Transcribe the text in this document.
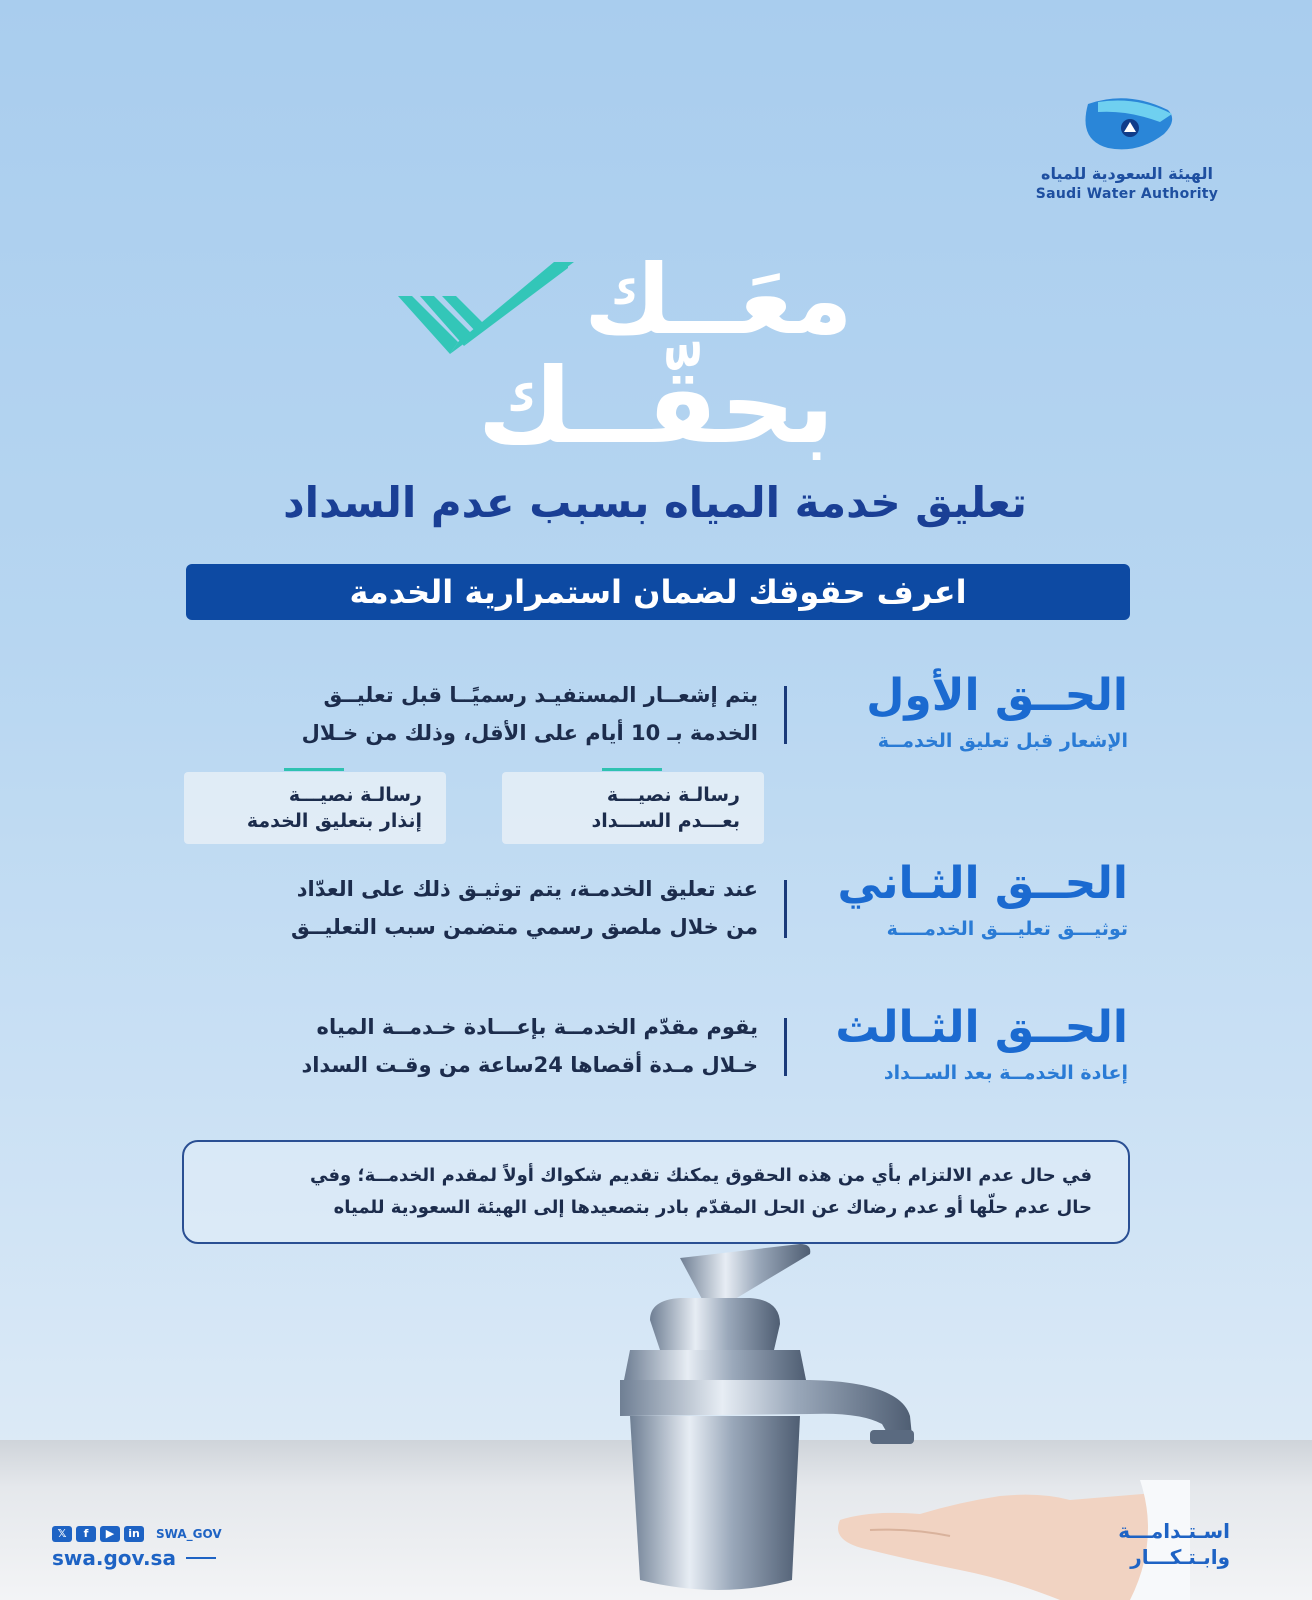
الهيئة السعودية للمياه
Saudi Water Authority
معَــك
بحقّــك
تعليق خدمة المياه بسبب عدم السداد
اعرف حقوقك لضمان استمرارية الخدمة
الحــق الأول
الإشعار قبل تعليق الخدمــة
يتم إشعــار المستفيـد رسميًــا قبل تعليــق
الخدمة بـ 10 أيام على الأقل، وذلك من خـلال
رسالـة نصيـــة
بعـــدم الســـداد
رسالـة نصيـــة
إنذار بتعليق الخدمة
الحــق الثـاني
توثيـــق تعليـــق الخدمــــة
عند تعليق الخدمـة، يتم توثيـق ذلك على العدّاد
من خلال ملصق رسمي متضمن سبب التعليــق
الحــق الثـالث
إعادة الخدمــة بعد الســداد
يقوم مقدّم الخدمــة بإعـــادة خـدمــة المياه
خـلال مـدة أقصاها 24ساعة من وقـت السداد
في حال عدم الالتزام بأي من هذه الحقوق يمكنك تقديم شكواك أولاً لمقدم الخدمــة؛ وفي
حال عدم حلّها أو عدم رضاك عن الحل المقدّم بادر بتصعيدها إلى الهيئة السعودية للمياه
𝕏	f	▶	in	SWA_GOV
swa.gov.sa
اسـتـدامـــة
وابـتـكـــار
